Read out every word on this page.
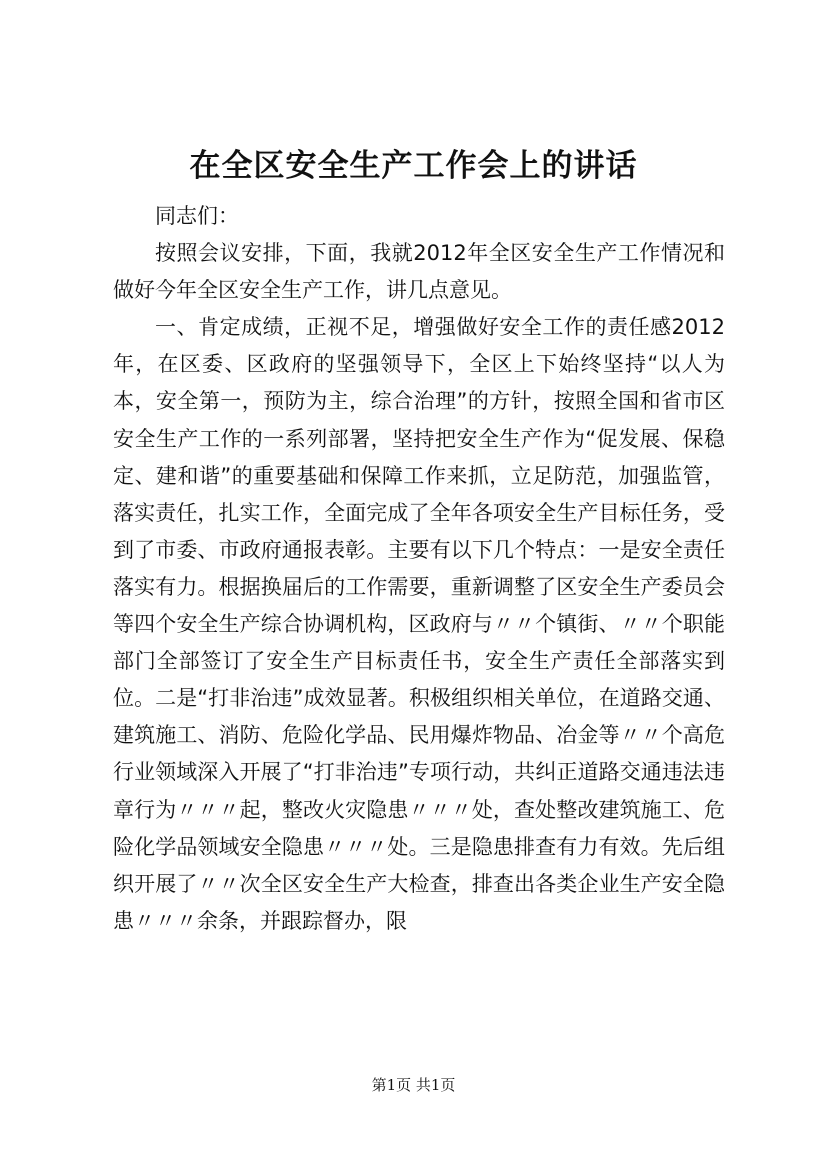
在全区安全生产工作会上的讲话

同志们：

按照会议安排，下面，我就2012年全区安全生产工作情况和做好今年全区安全生产工作，讲几点意见。

一、肯定成绩，正视不足，增强做好安全工作的责任感2012年，在区委、区政府的坚强领导下，全区上下始终坚持“以人为本，安全第一，预防为主，综合治理”的方针，按照全国和省市区安全生产工作的一系列部署，坚持把安全生产作为“促发展、保稳定、建和谐”的重要基础和保障工作来抓，立足防范，加强监管，落实责任，扎实工作，全面完成了全年各项安全生产目标任务，受到了市委、市政府通报表彰。主要有以下几个特点：一是安全责任落实有力。根据换届后的工作需要，重新调整了区安全生产委员会等四个安全生产综合协调机构，区政府与〃〃个镇街、〃〃个职能部门全部签订了安全生产目标责任书，安全生产责任全部落实到位。二是“打非治违”成效显著。积极组织相关单位，在道路交通、建筑施工、消防、危险化学品、民用爆炸物品、冶金等〃〃个高危行业领域深入开展了“打非治违”专项行动，共纠正道路交通违法违章行为〃〃〃起，整改火灾隐患〃〃〃处，查处整改建筑施工、危险化学品领域安全隐患〃〃〃处。三是隐患排查有力有效。先后组织开展了〃〃次全区安全生产大检查，排查出各类企业生产安全隐患〃〃〃余条，并跟踪督办，限

第1页 共1页
